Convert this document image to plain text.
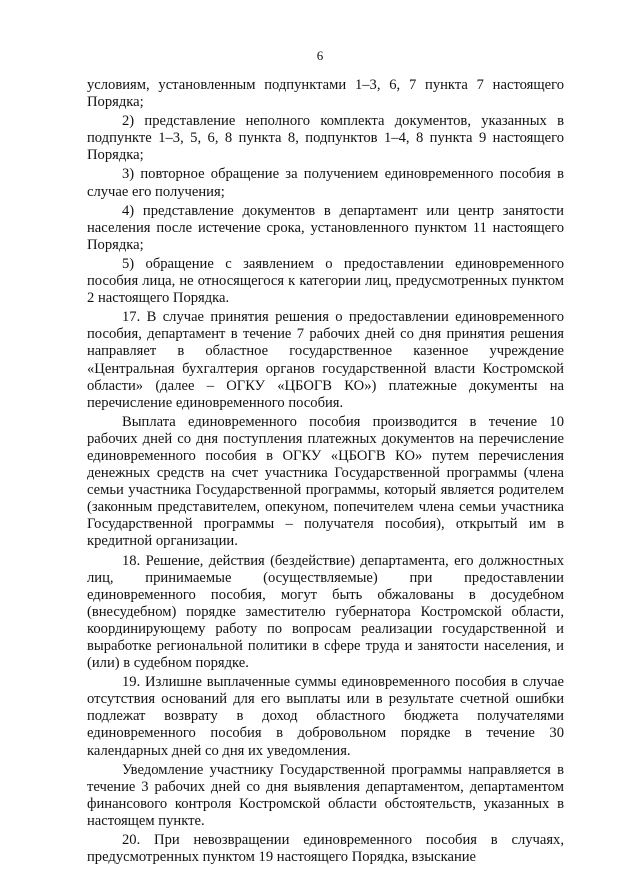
6

условиям, установленным подпунктами 1–3, 6, 7 пункта 7 настоящего Порядка;

2) представление неполного комплекта документов, указанных в подпункте 1–3, 5, 6, 8 пункта 8, подпунктов 1–4, 8 пункта 9 настоящего Порядка;

3) повторное обращение за получением единовременного пособия в случае его получения;

4) представление документов в департамент или центр занятости населения после истечение срока, установленного пунктом 11 настоящего Порядка;

5) обращение с заявлением о предоставлении единовременного пособия лица, не относящегося к категории лиц, предусмотренных пунктом 2 настоящего Порядка.

17. В случае принятия решения о предоставлении единовременного пособия, департамент в течение 7 рабочих дней со дня принятия решения направляет в областное государственное казенное учреждение «Центральная бухгалтерия органов государственной власти Костромской области» (далее – ОГКУ «ЦБОГВ КО») платежные документы на перечисление единовременного пособия.

Выплата единовременного пособия производится в течение 10 рабочих дней со дня поступления платежных документов на перечисление единовременного пособия в ОГКУ «ЦБОГВ КО» путем перечисления денежных средств на счет участника Государственной программы (члена семьи участника Государственной программы, который является родителем (законным представителем, опекуном, попечителем члена семьи участника Государственной программы – получателя пособия), открытый им в кредитной организации.

18. Решение, действия (бездействие) департамента, его должностных лиц, принимаемые (осуществляемые) при предоставлении единовременного пособия, могут быть обжалованы в досудебном (внесудебном) порядке заместителю губернатора Костромской области, координирующему работу по вопросам реализации государственной и выработке региональной политики в сфере труда и занятости населения, и (или) в судебном порядке.

19. Излишне выплаченные суммы единовременного пособия в случае отсутствия оснований для его выплаты или в результате счетной ошибки подлежат возврату в доход областного бюджета получателями единовременного пособия в добровольном порядке в течение 30 календарных дней со дня их уведомления.

Уведомление участнику Государственной программы направляется в течение 3 рабочих дней со дня выявления департаментом, департаментом финансового контроля Костромской области обстоятельств, указанных в настоящем пункте.

20. При невозвращении единовременного пособия в случаях, предусмотренных пунктом 19 настоящего Порядка, взыскание
